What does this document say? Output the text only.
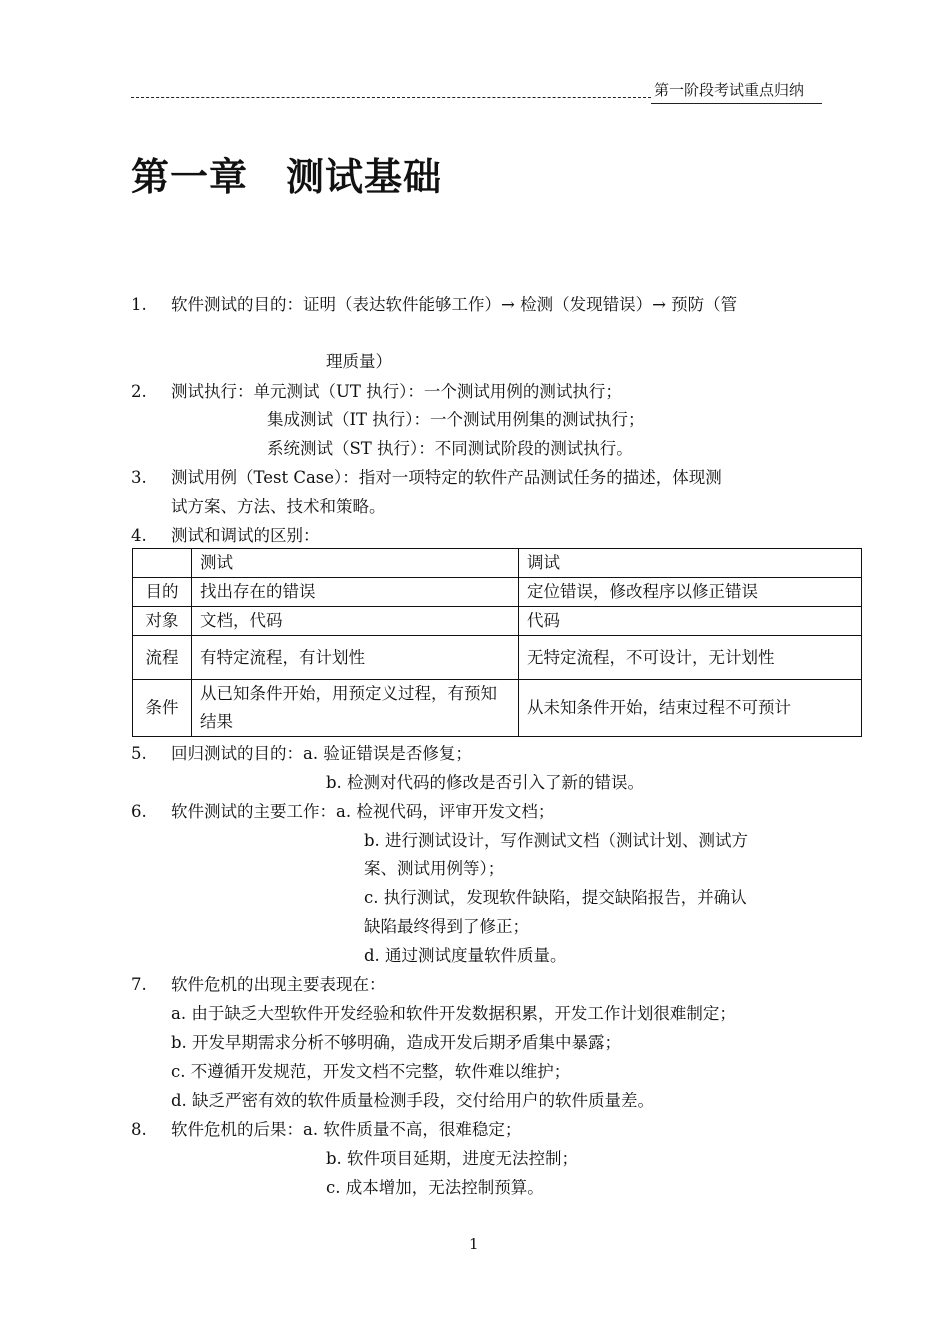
第一阶段考试重点归纳
第一章 测试基础
1. 软件测试的目的：证明（表达软件能够工作）→ 检测（发现错误）→ 预防（管
理质量）
2. 测试执行：单元测试（UT 执行）：一个测试用例的测试执行；
集成测试（IT 执行）：一个测试用例集的测试执行；
系统测试（ST 执行）：不同测试阶段的测试执行。
3. 测试用例（Test Case）：指对一项特定的软件产品测试任务的描述，体现测
试方案、方法、技术和策略。
4. 测试和调试的区别：
	测试	调试
目的	找出存在的错误	定位错误，修改程序以修正错误
对象	文档，代码	代码
流程	有特定流程，有计划性	无特定流程，不可设计，无计划性
条件	从已知条件开始，用预定义过程，有预知结果	从未知条件开始，结束过程不可预计
5. 回归测试的目的：a. 验证错误是否修复；
b. 检测对代码的修改是否引入了新的错误。
6. 软件测试的主要工作：a. 检视代码，评审开发文档；
b. 进行测试设计，写作测试文档（测试计划、测试方
案、测试用例等）；
c. 执行测试，发现软件缺陷，提交缺陷报告，并确认
缺陷最终得到了修正；
d. 通过测试度量软件质量。
7. 软件危机的出现主要表现在：
a. 由于缺乏大型软件开发经验和软件开发数据积累，开发工作计划很难制定；
b. 开发早期需求分析不够明确，造成开发后期矛盾集中暴露；
c. 不遵循开发规范，开发文档不完整，软件难以维护；
d. 缺乏严密有效的软件质量检测手段，交付给用户的软件质量差。
8. 软件危机的后果：a. 软件质量不高，很难稳定；
b. 软件项目延期，进度无法控制；
c. 成本增加，无法控制预算。
1
